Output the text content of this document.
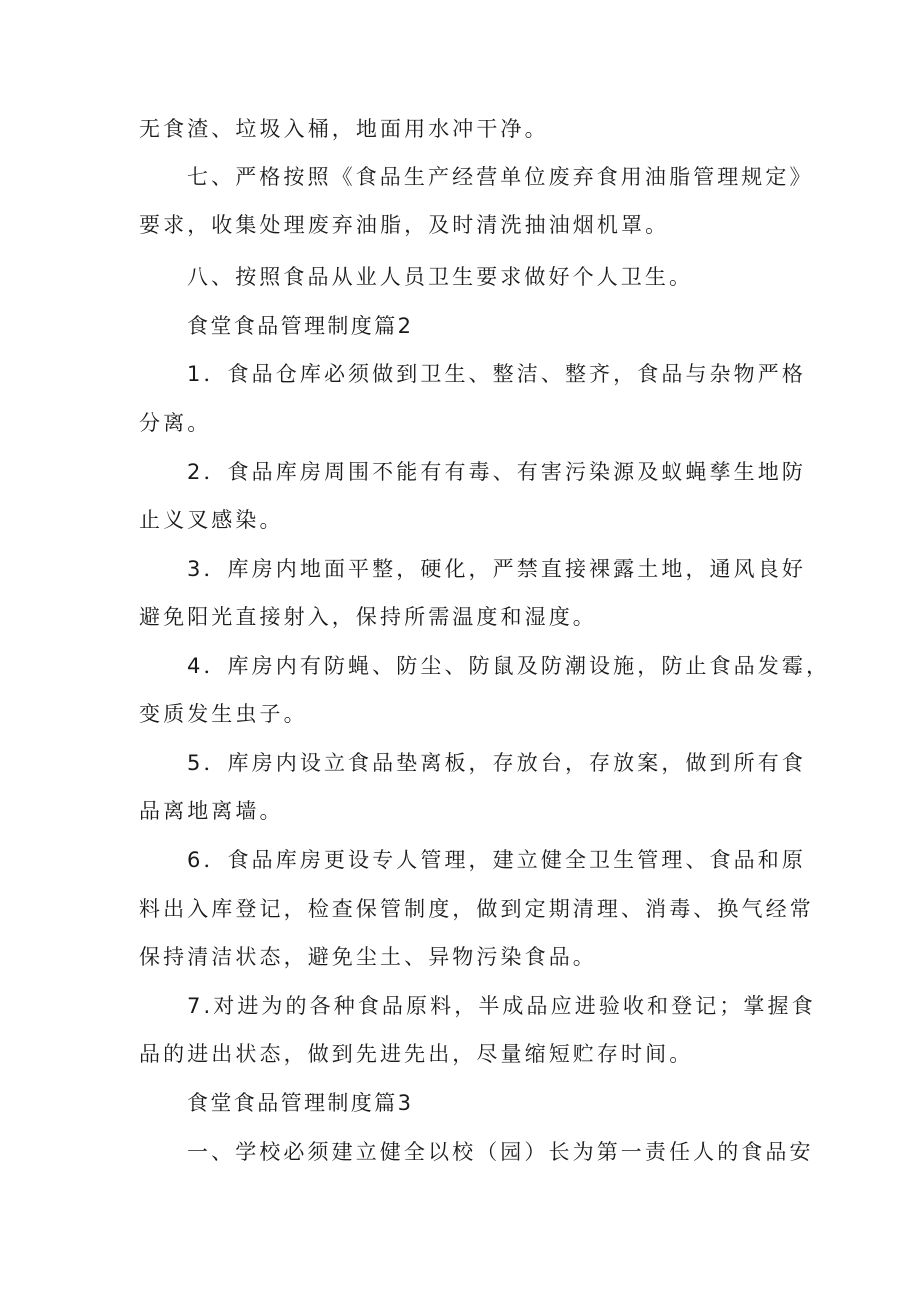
无食渣、垃圾入桶，地面用水冲干净。
七、严格按照《食品生产经营单位废弃食用油脂管理规定》
要求，收集处理废弃油脂，及时清洗抽油烟机罩。
八、按照食品从业人员卫生要求做好个人卫生。
食堂食品管理制度篇2
1．食品仓库必须做到卫生、整洁、整齐，食品与杂物严格
分离。
2．食品库房周围不能有有毒、有害污染源及蚁蝇孳生地防
止义叉感染。
3．库房内地面平整，硬化，严禁直接裸露土地，通风良好
避免阳光直接射入，保持所需温度和湿度。
4．库房内有防蝇、防尘、防鼠及防潮设施，防止食品发霉，
变质发生虫子。
5．库房内设立食品垫离板，存放台，存放案，做到所有食
品离地离墙。
6．食品库房更设专人管理，建立健全卫生管理、食品和原
料出入库登记，检查保管制度，做到定期清理、消毒、换气经常
保持清洁状态，避免尘土、异物污染食品。
7.对进为的各种食品原料，半成品应进验收和登记；掌握食
品的进出状态，做到先进先出，尽量缩短贮存时间。
食堂食品管理制度篇3
一、学校必须建立健全以校（园）长为第一责任人的食品安
